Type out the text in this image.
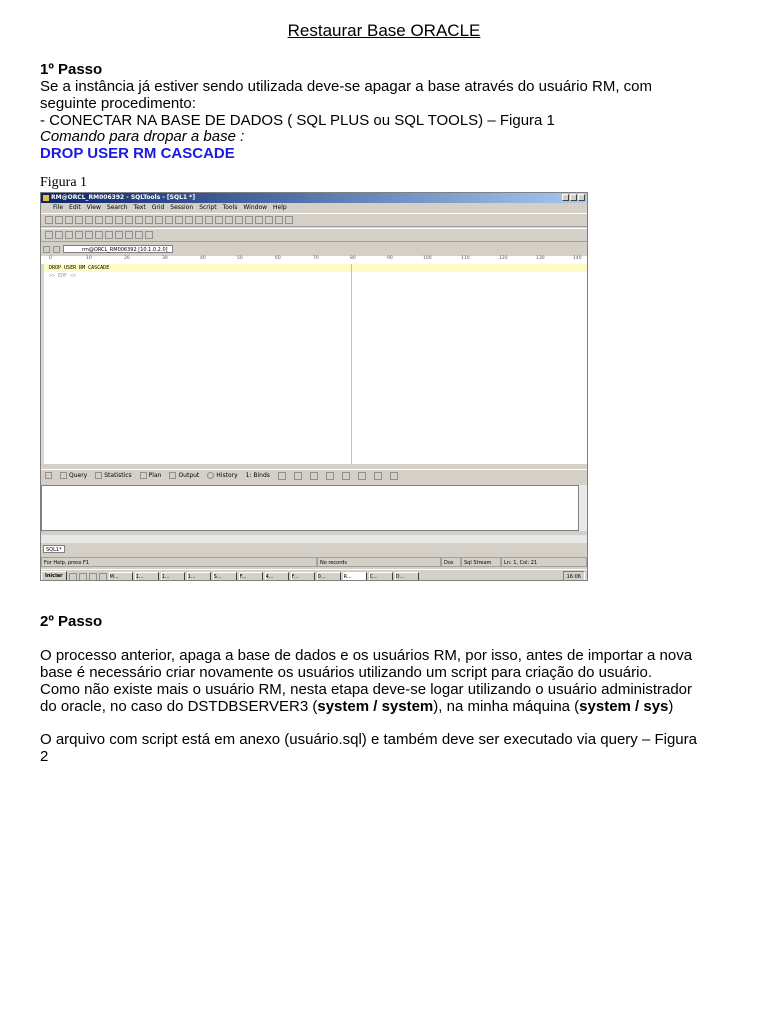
Restaurar Base ORACLE
1º Passo
Se a instância já estiver sendo utilizada deve-se apagar a base através do usuário RM, com
seguinte procedimento:
- CONECTAR NA BASE DE DADOS ( SQL PLUS ou SQL TOOLS) – Figura 1
Comando para dropar a base :
DROP USER RM CASCADE
Figura 1
RM@ORCL_RM006392 - SQLTools - [SQL1 *]
File Edit View Search Text Grid Session Script Tools Window Help
rm@ORCL_RM006392 [10.1.0.2.0]
0	10	20	30	40	50	60	70	80	90	100	110	120	130	140
DROP USER RM CASCADE
>> EOF <<
Query	Statistics	Plan	Output	History 1: Binds
SQL1*
For Help, press F1	No records	Dos	Sql Stream	Ln: 1, Col: 21
Iniciar	M...	1...	1...	1...	S...	F...	4...	F...	0...	R...	C...	D...	16:06
2º Passo
O processo anterior, apaga a base de dados e os usuários RM, por isso, antes de importar a nova
base é necessário criar novamente os usuários utilizando um script para criação do usuário.
Como não existe mais o usuário RM, nesta etapa deve-se logar utilizando o usuário administrador
do oracle, no caso do DSTDBSERVER3 (system / system), na minha máquina (system / sys)
O arquivo com script está em anexo (usuário.sql) e também deve ser executado via query – Figura
2
